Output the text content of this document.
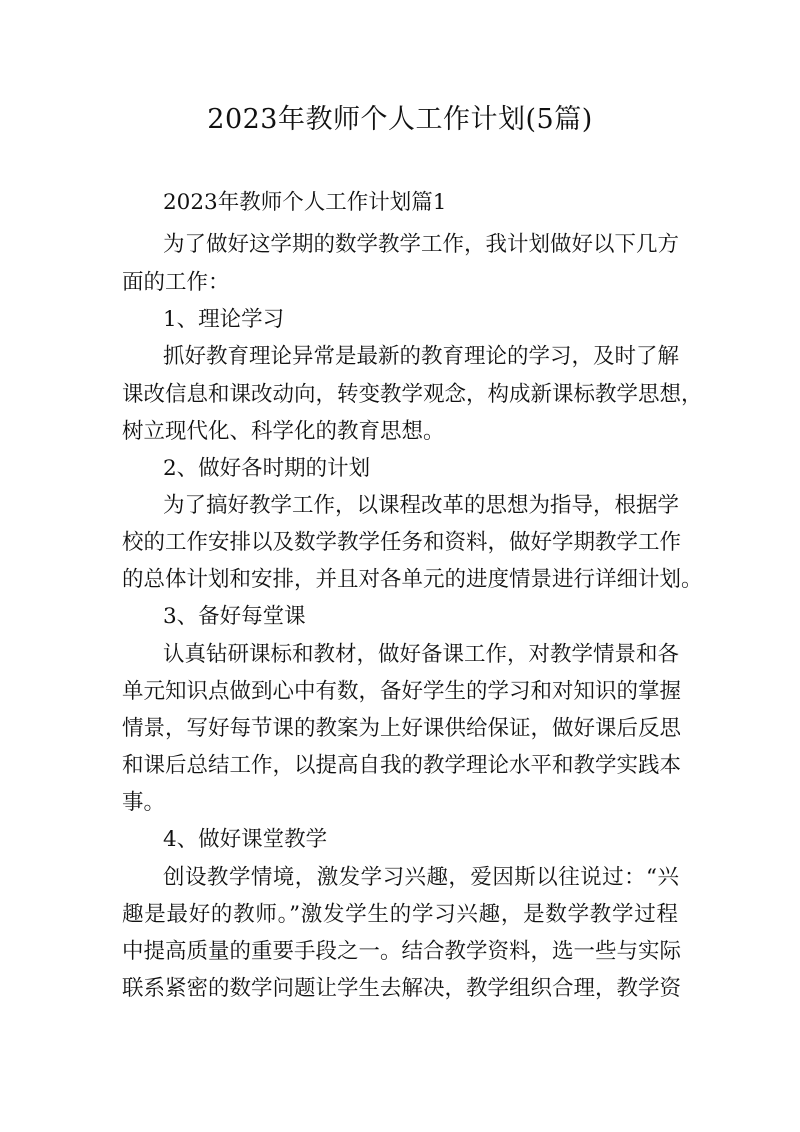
2023年教师个人工作计划(5篇)
2023年教师个人工作计划篇1
为了做好这学期的数学教学工作，我计划做好以下几方
面的工作：
1、理论学习
抓好教育理论异常是最新的教育理论的学习，及时了解
课改信息和课改动向，转变教学观念，构成新课标教学思想，
树立现代化、科学化的教育思想。
2、做好各时期的计划
为了搞好教学工作，以课程改革的思想为指导，根据学
校的工作安排以及数学教学任务和资料，做好学期教学工作
的总体计划和安排，并且对各单元的进度情景进行详细计划。
3、备好每堂课
认真钻研课标和教材，做好备课工作，对教学情景和各
单元知识点做到心中有数，备好学生的学习和对知识的掌握
情景，写好每节课的教案为上好课供给保证，做好课后反思
和课后总结工作，以提高自我的教学理论水平和教学实践本
事。
4、做好课堂教学
创设教学情境，激发学习兴趣，爱因斯以往说过：“兴
趣是最好的教师。”激发学生的学习兴趣，是数学教学过程
中提高质量的重要手段之一。结合教学资料，选一些与实际
联系紧密的数学问题让学生去解决，教学组织合理，教学资
